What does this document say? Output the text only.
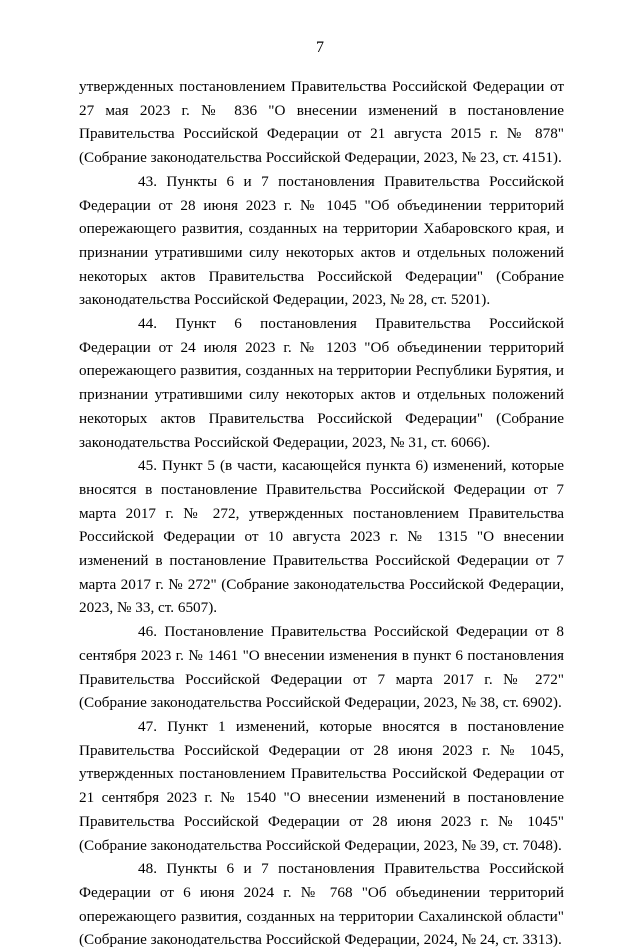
7

утвержденных постановлением Правительства Российской Федерации от 27 мая 2023 г. № 836 "О внесении изменений в постановление Правительства Российской Федерации от 21 августа 2015 г. № 878" (Собрание законодательства Российской Федерации, 2023, № 23, ст. 4151).

43. Пункты 6 и 7 постановления Правительства Российской Федерации от 28 июня 2023 г. № 1045 "Об объединении территорий опережающего развития, созданных на территории Хабаровского края, и признании утратившими силу некоторых актов и отдельных положений некоторых актов Правительства Российской Федерации" (Собрание законодательства Российской Федерации, 2023, № 28, ст. 5201).

44. Пункт 6 постановления Правительства Российской Федерации от 24 июля 2023 г. № 1203 "Об объединении территорий опережающего развития, созданных на территории Республики Бурятия, и признании утратившими силу некоторых актов и отдельных положений некоторых актов Правительства Российской Федерации" (Собрание законодательства Российской Федерации, 2023, № 31, ст. 6066).

45. Пункт 5 (в части, касающейся пункта 6) изменений, которые вносятся в постановление Правительства Российской Федерации от 7 марта 2017 г. № 272, утвержденных постановлением Правительства Российской Федерации от 10 августа 2023 г. № 1315 "О внесении изменений в постановление Правительства Российской Федерации от 7 марта 2017 г. № 272" (Собрание законодательства Российской Федерации, 2023, № 33, ст. 6507).

46. Постановление Правительства Российской Федерации от 8 сентября 2023 г. № 1461 "О внесении изменения в пункт 6 постановления Правительства Российской Федерации от 7 марта 2017 г. № 272" (Собрание законодательства Российской Федерации, 2023, № 38, ст. 6902).

47. Пункт 1 изменений, которые вносятся в постановление Правительства Российской Федерации от 28 июня 2023 г. № 1045, утвержденных постановлением Правительства Российской Федерации от 21 сентября 2023 г. № 1540 "О внесении изменений в постановление Правительства Российской Федерации от 28 июня 2023 г. № 1045" (Собрание законодательства Российской Федерации, 2023, № 39, ст. 7048).

48. Пункты 6 и 7 постановления Правительства Российской Федерации от 6 июня 2024 г. № 768 "Об объединении территорий опережающего развития, созданных на территории Сахалинской области" (Собрание законодательства Российской Федерации, 2024, № 24, ст. 3313).
